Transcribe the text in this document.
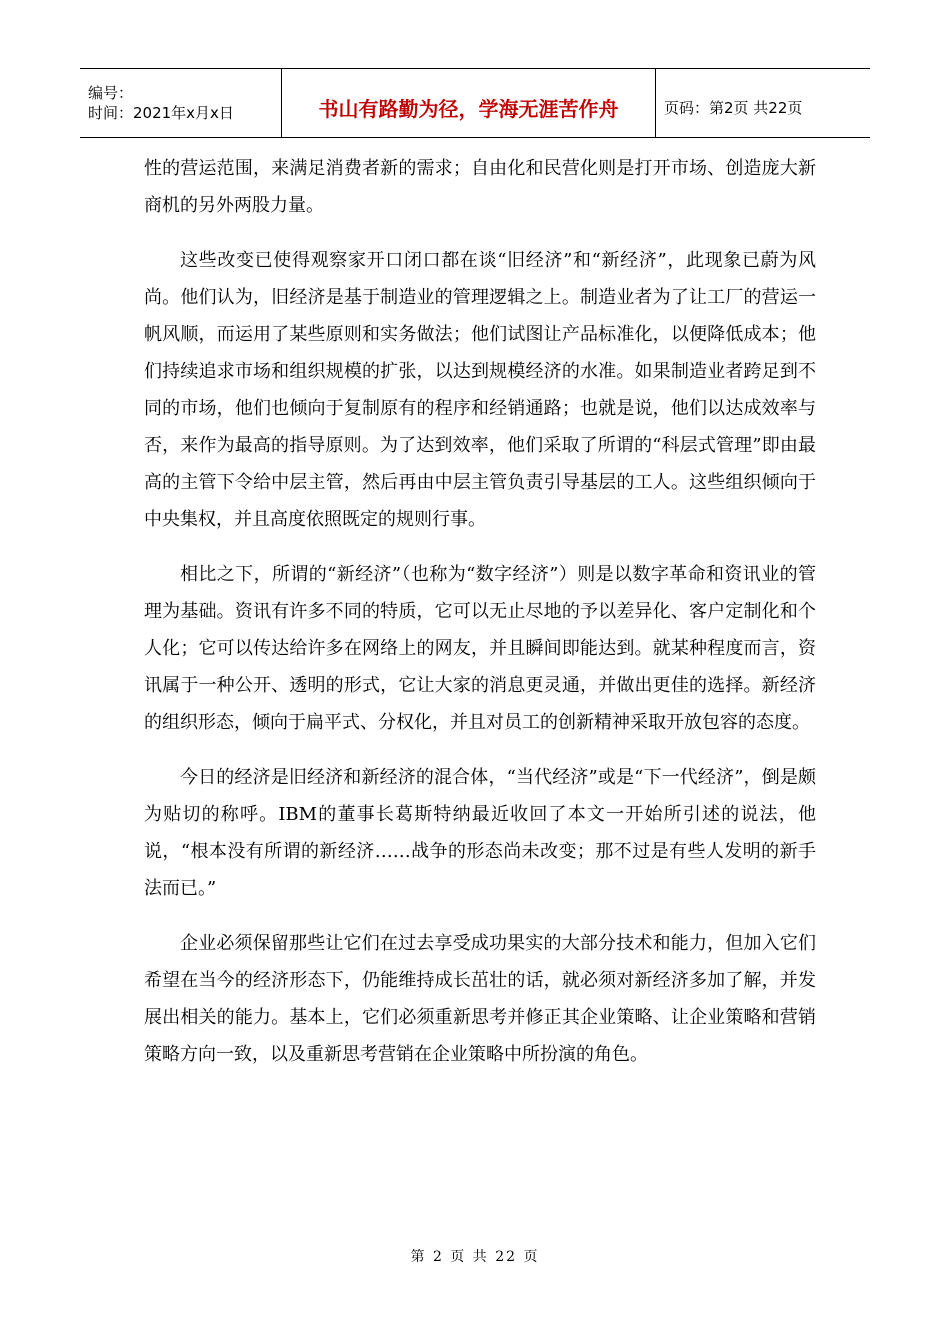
编号：
时间：2021年x月x日	书山有路勤为径，学海无涯苦作舟	页码：第2页 共22页

性的营运范围，来满足消费者新的需求；自由化和民营化则是打开市场、创造庞大新商机的另外两股力量。

这些改变已使得观察家开口闭口都在谈“旧经济”和“新经济”，此现象已蔚为风尚。他们认为，旧经济是基于制造业的管理逻辑之上。制造业者为了让工厂的营运一帆风顺，而运用了某些原则和实务做法；他们试图让产品标准化，以便降低成本；他们持续追求市场和组织规模的扩张，以达到规模经济的水准。如果制造业者跨足到不同的市场，他们也倾向于复制原有的程序和经销通路；也就是说，他们以达成效率与否，来作为最高的指导原则。为了达到效率，他们采取了所谓的“科层式管理”即由最高的主管下令给中层主管，然后再由中层主管负责引导基层的工人。这些组织倾向于中央集权，并且高度依照既定的规则行事。

相比之下，所谓的“新经济”（也称为“数字经济”）则是以数字革命和资讯业的管理为基础。资讯有许多不同的特质，它可以无止尽地的予以差异化、客户定制化和个人化；它可以传达给许多在网络上的网友，并且瞬间即能达到。就某种程度而言，资讯属于一种公开、透明的形式，它让大家的消息更灵通，并做出更佳的选择。新经济的组织形态，倾向于扁平式、分权化，并且对员工的创新精神采取开放包容的态度。

今日的经济是旧经济和新经济的混合体，“当代经济”或是“下一代经济”，倒是颇为贴切的称呼。IBM的董事长葛斯特纳最近收回了本文一开始所引述的说法，他说，“根本没有所谓的新经济……战争的形态尚未改变；那不过是有些人发明的新手法而已。”

企业必须保留那些让它们在过去享受成功果实的大部分技术和能力，但加入它们希望在当今的经济形态下，仍能维持成长茁壮的话，就必须对新经济多加了解，并发展出相关的能力。基本上，它们必须重新思考并修正其企业策略、让企业策略和营销策略方向一致，以及重新思考营销在企业策略中所扮演的角色。

第 2 页 共 22 页
